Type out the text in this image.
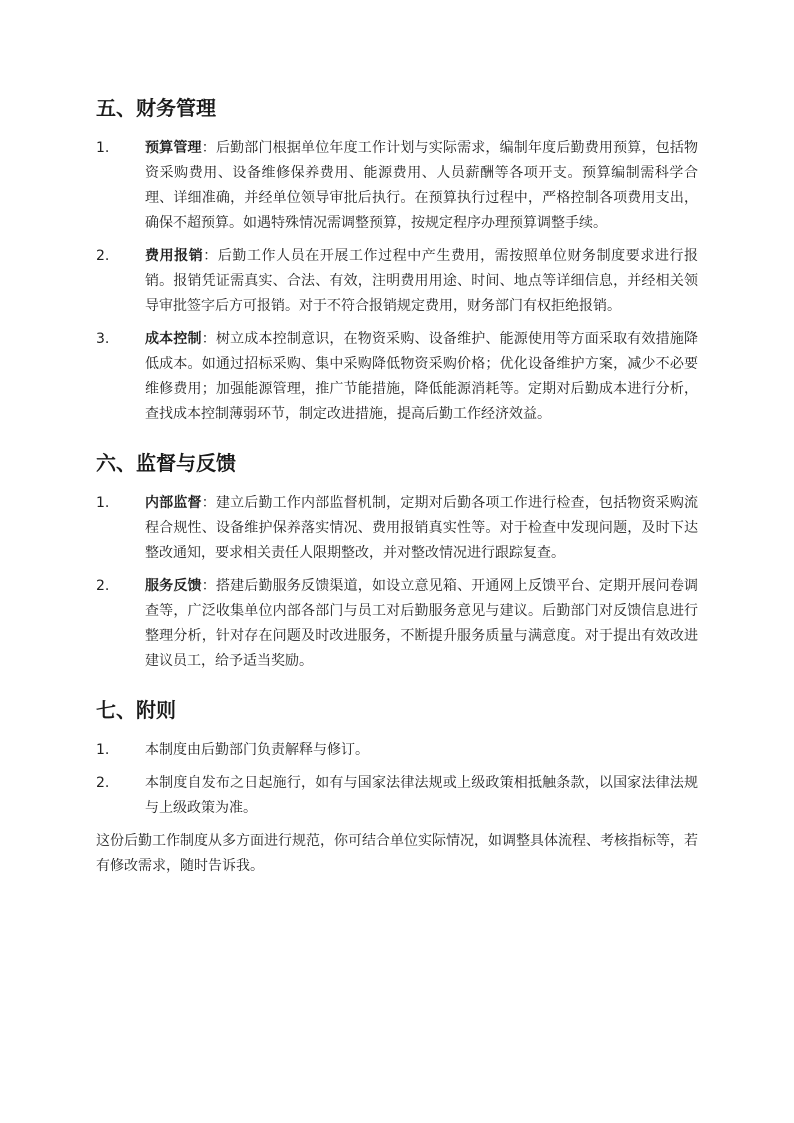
五、财务管理
1.	预算管理：后勤部门根据单位年度工作计划与实际需求，编制年度后勤费用预算，包括物资采购费用、设备维修保养费用、能源费用、人员薪酬等各项开支。预算编制需科学合理、详细准确，并经单位领导审批后执行。在预算执行过程中，严格控制各项费用支出，确保不超预算。如遇特殊情况需调整预算，按规定程序办理预算调整手续。
2.	费用报销：后勤工作人员在开展工作过程中产生费用，需按照单位财务制度要求进行报销。报销凭证需真实、合法、有效，注明费用用途、时间、地点等详细信息，并经相关领导审批签字后方可报销。对于不符合报销规定费用，财务部门有权拒绝报销。
3.	成本控制：树立成本控制意识，在物资采购、设备维护、能源使用等方面采取有效措施降低成本。如通过招标采购、集中采购降低物资采购价格；优化设备维护方案，减少不必要维修费用；加强能源管理，推广节能措施，降低能源消耗等。定期对后勤成本进行分析，查找成本控制薄弱环节，制定改进措施，提高后勤工作经济效益。
六、监督与反馈
1.	内部监督：建立后勤工作内部监督机制，定期对后勤各项工作进行检查，包括物资采购流程合规性、设备维护保养落实情况、费用报销真实性等。对于检查中发现问题，及时下达整改通知，要求相关责任人限期整改，并对整改情况进行跟踪复查。
2.	服务反馈：搭建后勤服务反馈渠道，如设立意见箱、开通网上反馈平台、定期开展问卷调查等，广泛收集单位内部各部门与员工对后勤服务意见与建议。后勤部门对反馈信息进行整理分析，针对存在问题及时改进服务，不断提升服务质量与满意度。对于提出有效改进建议员工，给予适当奖励。
七、附则
1.	本制度由后勤部门负责解释与修订。
2.	本制度自发布之日起施行，如有与国家法律法规或上级政策相抵触条款，以国家法律法规与上级政策为准。

这份后勤工作制度从多方面进行规范，你可结合单位实际情况，如调整具体流程、考核指标等，若有修改需求，随时告诉我。
